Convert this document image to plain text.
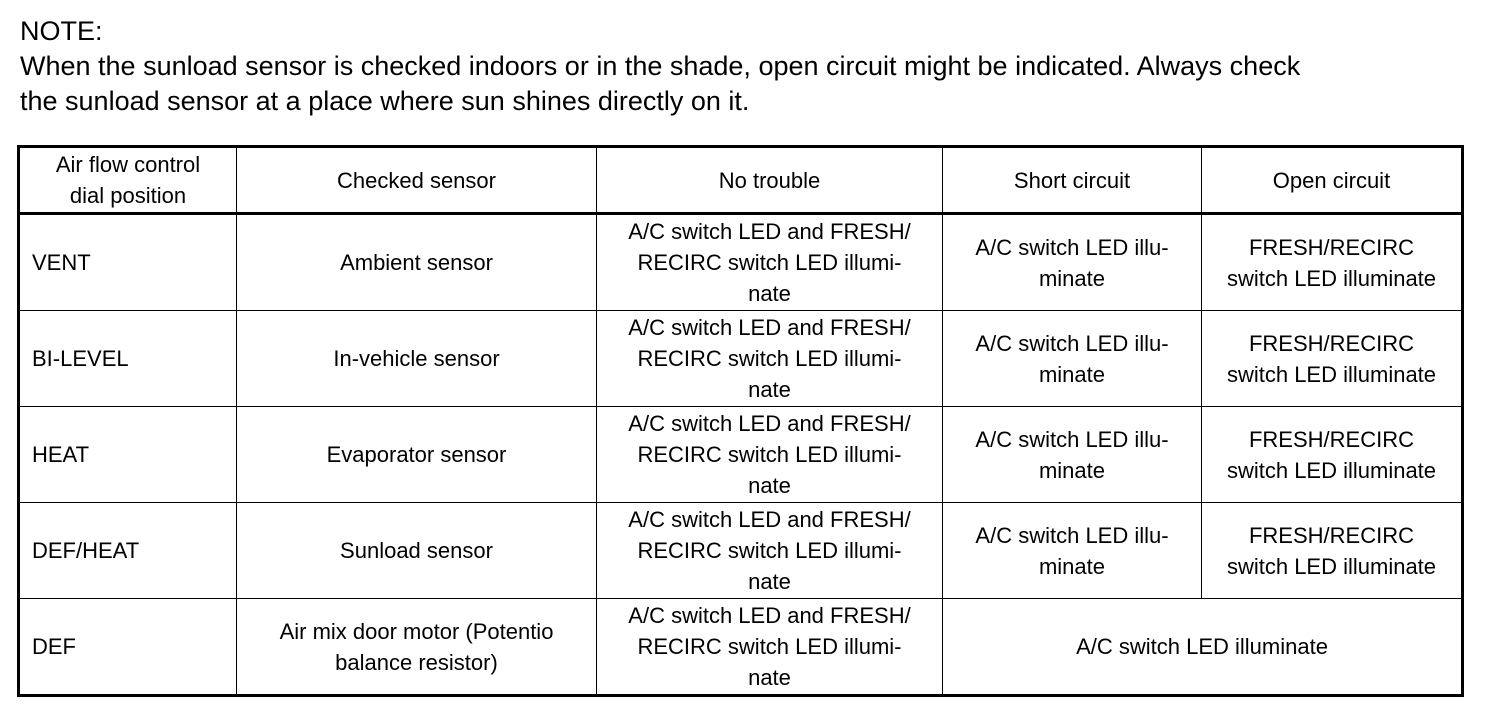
NOTE:
When the sunload sensor is checked indoors or in the shade, open circuit might be indicated. Always check
the sunload sensor at a place where sun shines directly on it.
Air flow control
dial position	Checked sensor	No trouble	Short circuit	Open circuit
VENT	Ambient sensor	A/C switch LED and FRESH/
RECIRC switch LED illumi-
nate	A/C switch LED illu-
minate	FRESH/RECIRC
switch LED illuminate

BI-LEVEL	In-vehicle sensor	A/C switch LED and FRESH/
RECIRC switch LED illumi-
nate	A/C switch LED illu-
minate	FRESH/RECIRC
switch LED illuminate

HEAT	Evaporator sensor	A/C switch LED and FRESH/
RECIRC switch LED illumi-
nate	A/C switch LED illu-
minate	FRESH/RECIRC
switch LED illuminate

DEF/HEAT	Sunload sensor	A/C switch LED and FRESH/
RECIRC switch LED illumi-
nate	A/C switch LED illu-
minate	FRESH/RECIRC
switch LED illuminate

DEF	Air mix door motor (Potentio
balance resistor)	A/C switch LED and FRESH/
RECIRC switch LED illumi-
nate	A/C switch LED illuminate	
